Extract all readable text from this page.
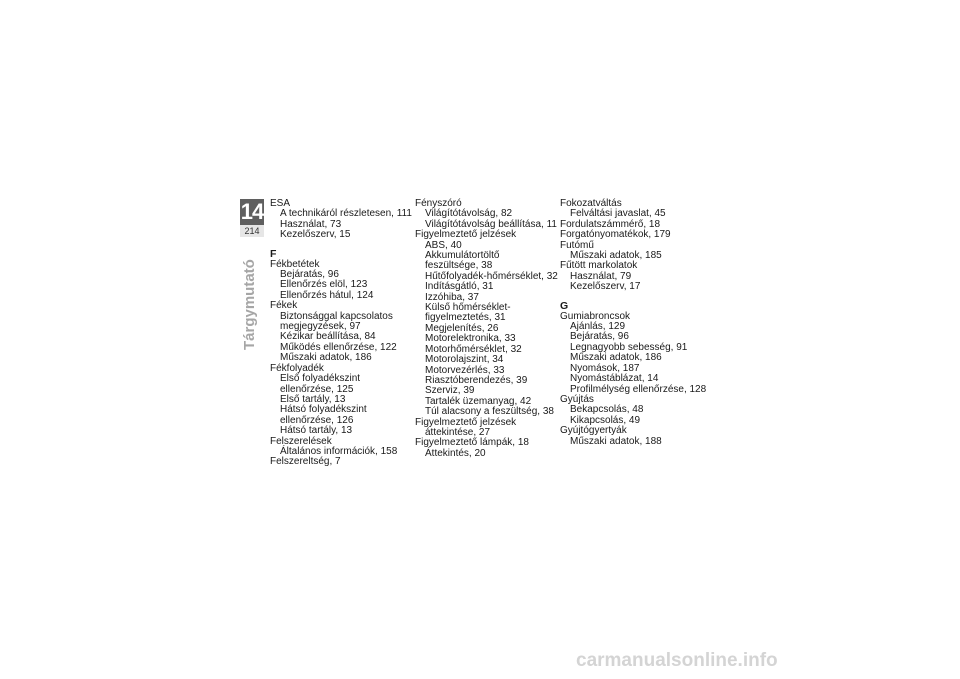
14
214
Tárgymutató
ESA
A technikáról részletesen, 111
Használat, 73
Kezelőszerv, 15
F
Fékbetétek
Bejáratás, 96
Ellenőrzés elöl, 123
Ellenőrzés hátul, 124
Fékek
Biztonsággal kapcsolatos
megjegyzések, 97
Kézikar beállítása, 84
Működés ellenőrzése, 122
Műszaki adatok, 186
Fékfolyadék
Első folyadékszint
ellenőrzése, 125
Első tartály, 13
Hátsó folyadékszint
ellenőrzése, 126
Hátsó tartály, 13
Felszerelések
Általános információk, 158
Felszereltség, 7
Fényszóró
Világítótávolság, 82
Világítótávolság beállítása, 11
Figyelmeztető jelzések
ABS, 40
Akkumulátortöltő
feszültsége, 38
Hűtőfolyadék-hőmérséklet, 32
Indításgátló, 31
Izzóhiba, 37
Külső hőmérséklet-
figyelmeztetés, 31
Megjelenítés, 26
Motorelektronika, 33
Motorhőmérséklet, 32
Motorolajszint, 34
Motorvezérlés, 33
Riasztóberendezés, 39
Szerviz, 39
Tartalék üzemanyag, 42
Túl alacsony a feszültség, 38
Figyelmeztető jelzések
áttekintése, 27
Figyelmeztető lámpák, 18
Áttekintés, 20
Fokozatváltás
Felváltási javaslat, 45
Fordulatszámmérő, 18
Forgatónyomatékok, 179
Futómű
Műszaki adatok, 185
Fűtött markolatok
Használat, 79
Kezelőszerv, 17
G
Gumiabroncsok
Ajánlás, 129
Bejáratás, 96
Legnagyobb sebesség, 91
Műszaki adatok, 186
Nyomások, 187
Nyomástáblázat, 14
Profilmélység ellenőrzése, 128
Gyújtás
Bekapcsolás, 48
Kikapcsolás, 49
Gyújtógyertyák
Műszaki adatok, 188
carmanualsonline.info
